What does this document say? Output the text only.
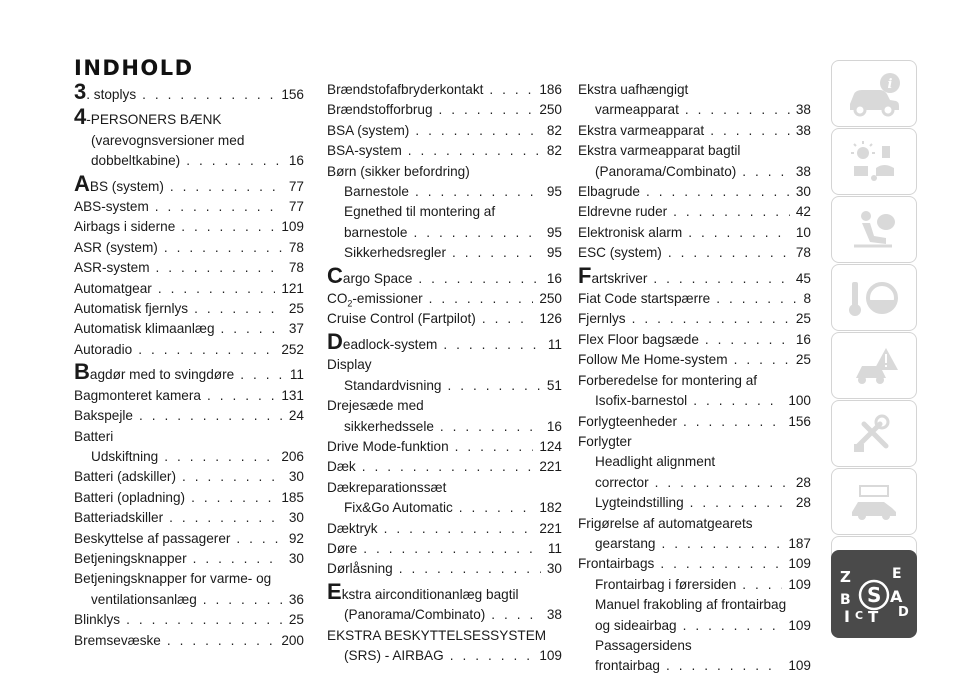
INDHOLD
3. stoplys . . .	156
4-PERSONERS BÆNK
(varevognsversioner med
dobbeltkabine) . . .	16
ABS (system) . . .	77
ABS-system . . .	77
Airbags i siderne . . .	109
ASR (system) . . .	78
ASR-system . . .	78
Automatgear . . .	121
Automatisk fjernlys . . .	25
Automatisk klimaanlæg . . .	37
Autoradio . . .	252
Bagdør med to svingdøre . . .	11
Bagmonteret kamera . . .	131
Bakspejle . . .	24
Batteri
Udskiftning . . .	206
Batteri (adskiller) . . .	30
Batteri (opladning) . . .	185
Batteriadskiller . . .	30
Beskyttelse af passagerer . . .	92
Betjeningsknapper . . .	30
Betjeningsknapper for varme- og
ventilationsanlæg . . .	36
Blinklys . . .	25
Bremsevæske . . .	200
Brændstofafbryderkontakt . . .	186
Brændstofforbrug . . .	250
BSA (system) . . .	82
BSA-system . . .	82
Børn (sikker befordring)
Barnestole . . .	95
Egnethed til montering af
barnestole . . .	95
Sikkerhedsregler . . .	95
Cargo Space . . .	16
$CO_2$-emissioner . . .	250
Cruise Control (Fartpilot) . . .	126
Deadlock-system . . .	11
Display
Standardvisning . . .	51
Drejesæde med
sikkerhedssele . . .	16
Drive Mode-funktion . . .	124
Dæk . . .	221
Dækreparationssæt
Fix&Go Automatic . . .	182
Dæktryk . . .	221
Døre . . .	11
Dørlåsning . . .	30
Ekstra airconditionanlæg bagtil
(Panorama/Combinato) . . .	38
EKSTRA BESKYTTELSESSYSTEM
(SRS) - AIRBAG . . .	109
Ekstra uafhængigt
varmeapparat . . .	38
Ekstra varmeapparat . . .	38
Ekstra varmeapparat bagtil
(Panorama/Combinato) . . .	38
Elbagrude . . .	30
Eldrevne ruder . . .	42
Elektronisk alarm . . .	10
ESC (system) . . .	78
Fartskriver . . .	45
Fiat Code startspærre . . .	8
Fjernlys . . .	25
Flex Floor bagsæde . . .	16
Follow Me Home-system . . .	25
Forberedelse for montering af
Isofix-barnestol . . .	100
Forlygteenheder . . .	156
Forlygter
Headlight alignment
corrector . . .	28
Lygteindstilling . . .	28
Frigørelse af automatgearets
gearstang . . .	187
Frontairbags . . .	109
Frontairbag i førersiden . . .	109
Manuel frakobling af frontairbag
og sideairbag . . .	109
Passagersidens
frontairbag . . .	109
i
Z	E
B S A
I C T D
